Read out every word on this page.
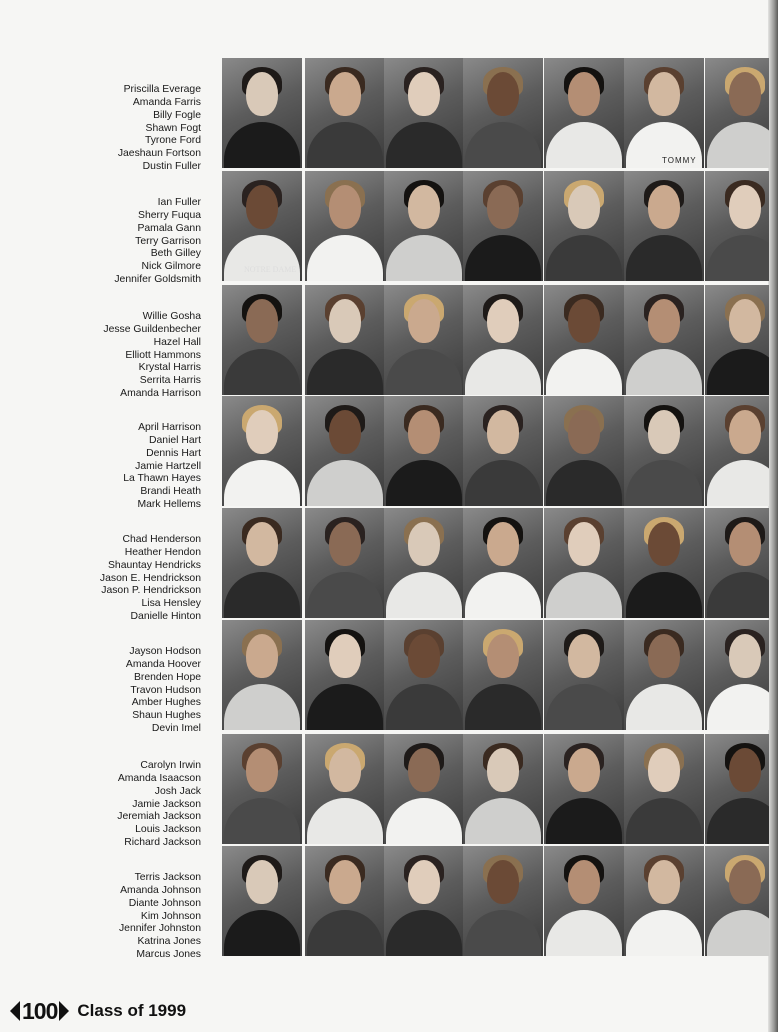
Priscilla Everage
Amanda Farris
Billy Fogle
Shawn Fogt
Tyrone Ford
Jaeshaun Fortson
Dustin Fuller
TOMMY
Ian Fuller
Sherry Fuqua
Pamala Gann
Terry Garrison
Beth Gilley
Nick Gilmore
Jennifer Goldsmith
NOTRE DAME
Willie Gosha
Jesse Guildenbecher
Hazel Hall
Elliott Hammons
Krystal Harris
Serrita Harris
Amanda Harrison
April Harrison
Daniel Hart
Dennis Hart
Jamie Hartzell
La Thawn Hayes
Brandi Heath
Mark Hellems
Chad Henderson
Heather Hendon
Shauntay Hendricks
Jason E. Hendrickson
Jason P. Hendrickson
Lisa Hensley
Danielle Hinton
Jayson Hodson
Amanda Hoover
Brenden Hope
Travon Hudson
Amber Hughes
Shaun Hughes
Devin Imel
Carolyn Irwin
Amanda Isaacson
Josh Jack
Jamie Jackson
Jeremiah Jackson
Louis Jackson
Richard Jackson
Terris Jackson
Amanda Johnson
Diante Johnson
Kim Johnson
Jennifer Johnston
Katrina Jones
Marcus Jones
100 Class of 1999
